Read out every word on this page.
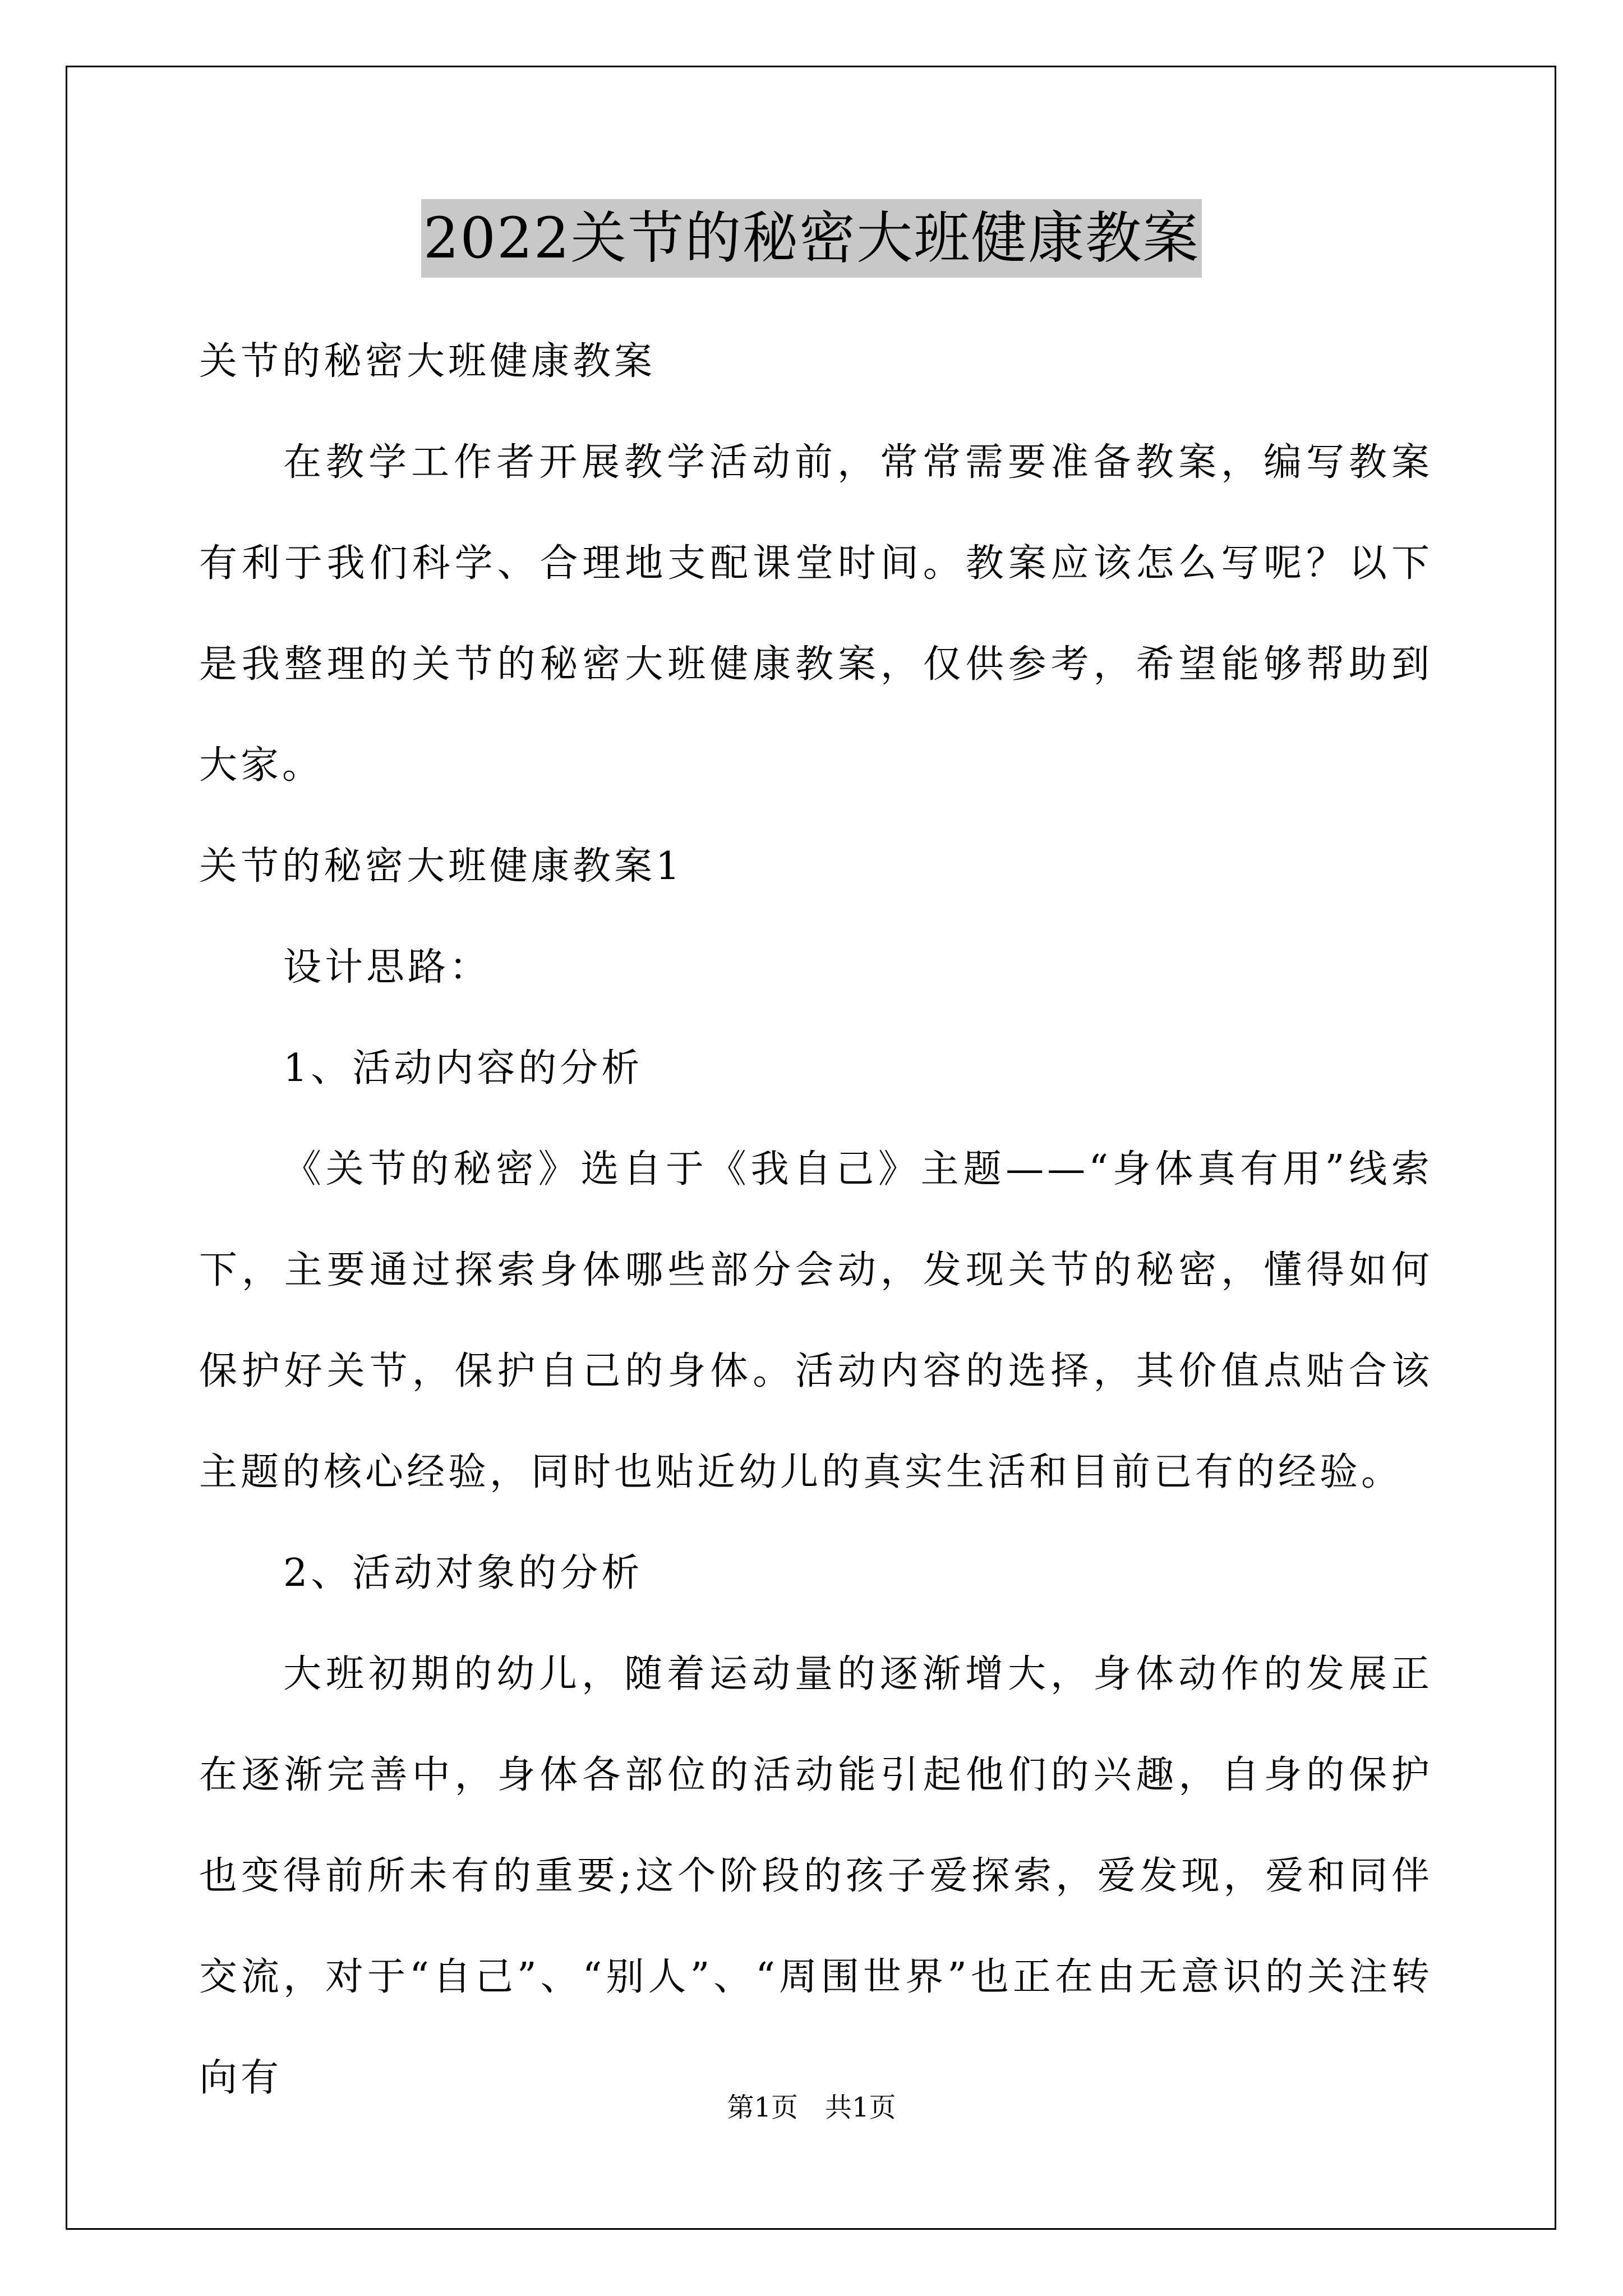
2022关节的秘密大班健康教案

关节的秘密大班健康教案

在教学工作者开展教学活动前，常常需要准备教案，编写教案有利于我们科学、合理地支配课堂时间。教案应该怎么写呢？以下是我整理的关节的秘密大班健康教案，仅供参考，希望能够帮助到大家。

关节的秘密大班健康教案1

设计思路：

1、活动内容的分析

《关节的秘密》选自于《我自己》主题——“身体真有用”线索下，主要通过探索身体哪些部分会动，发现关节的秘密，懂得如何保护好关节，保护自己的身体。活动内容的选择，其价值点贴合该主题的核心经验，同时也贴近幼儿的真实生活和目前已有的经验。

2、活动对象的分析

大班初期的幼儿，随着运动量的逐渐增大，身体动作的发展正在逐渐完善中，身体各部位的活动能引起他们的兴趣，自身的保护也变得前所未有的重要;这个阶段的孩子爱探索，爱发现，爱和同伴交流，对于“自己”、“别人”、“周围世界”也正在由无意识的关注转向有

第1页　共1页
